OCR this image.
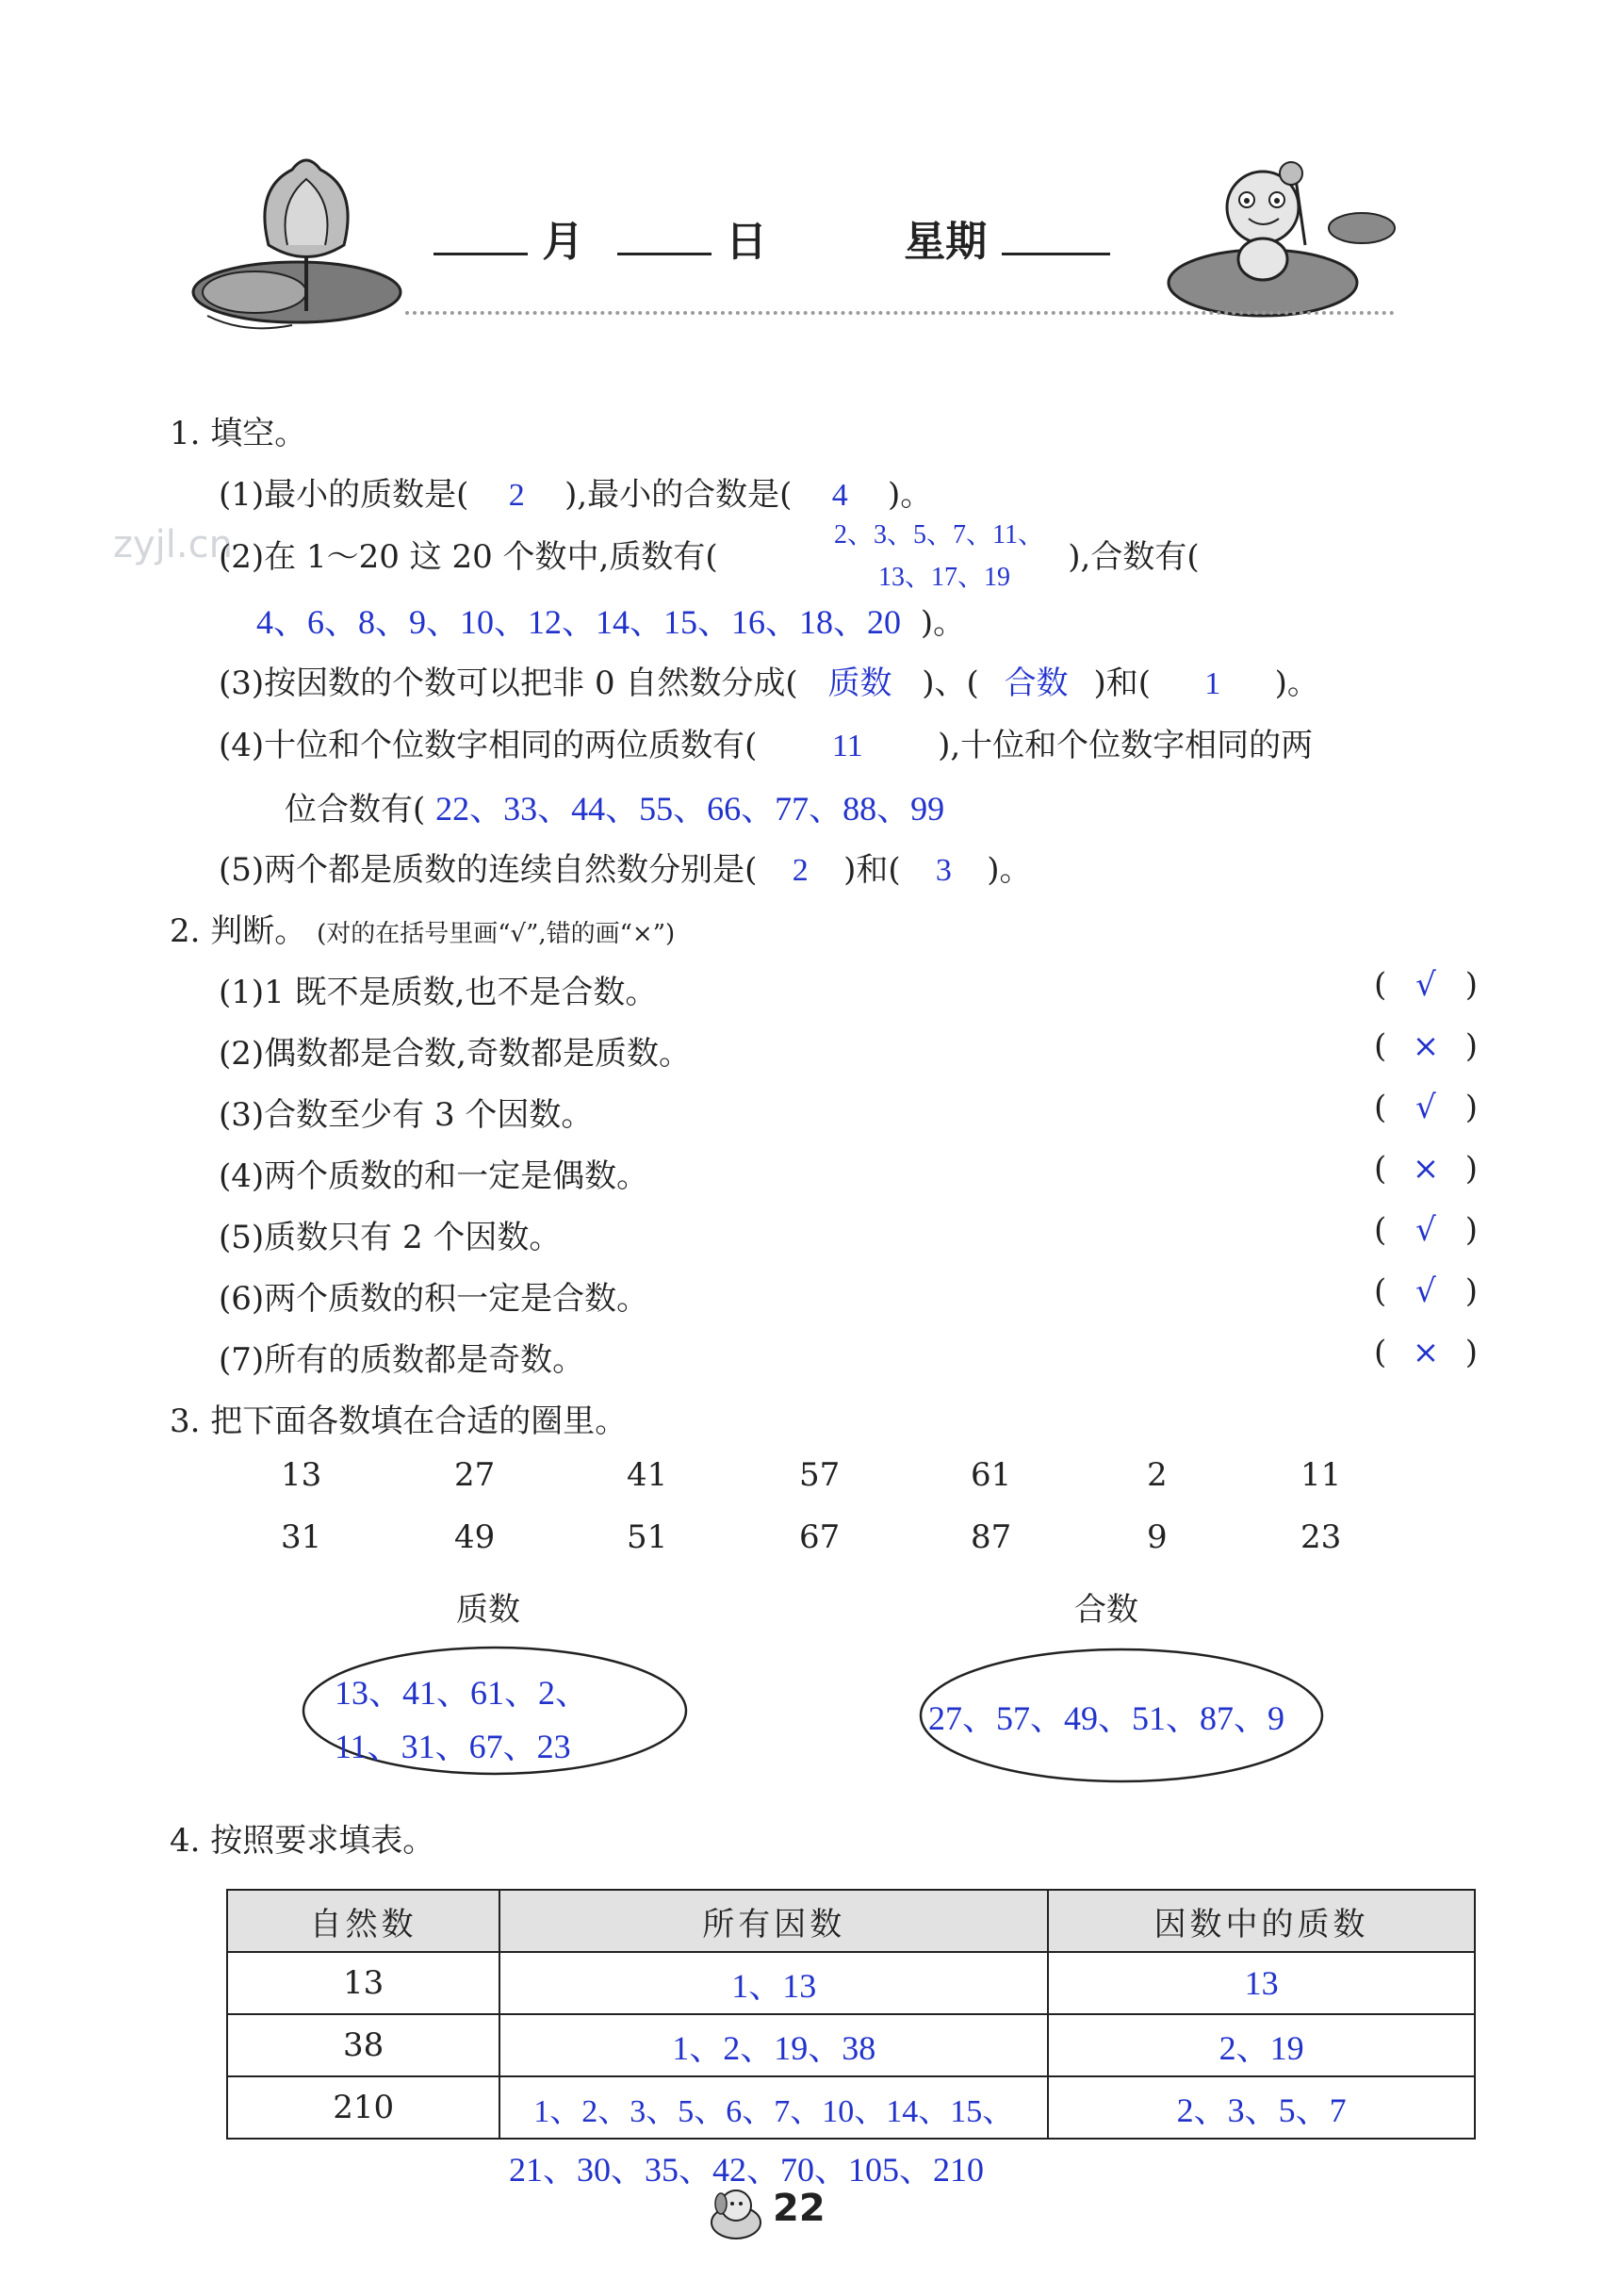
月	日	星期
zyjl.cn
1. 填空。
(1)最小的质数是( 2 ),最小的合数是( 4 )。
(2)在 1～20 这 20 个数中,质数有(	),合数有(
2、3、5、7、11、
13、17、19
4、6、8、9、10、12、14、15、16、18、20 )。
(3)按因数的个数可以把非 0 自然数分成( 质数 )、( 合数 )和( 1 )。
(4)十位和个位数字相同的两位质数有( 11 ),十位和个位数字相同的两
位合数有( 22、33、44、55、66、77、88、99
(5)两个都是质数的连续自然数分别是( 2 )和( 3 )。
2. 判断。 (对的在括号里画“√”,错的画“×”)
(1)1 既不是质数,也不是合数。	( √ )
(2)偶数都是合数,奇数都是质数。	( × )
(3)合数至少有 3 个因数。	( √ )
(4)两个质数的和一定是偶数。	( × )
(5)质数只有 2 个因数。	( √ )
(6)两个质数的积一定是合数。	( √ )
(7)所有的质数都是奇数。	( × )
3. 把下面各数填在合适的圈里。
13	27	41	57	61	2	11
31	49	51	67	87	9	23
质数	合数
13、41、61、2、
11、31、67、23
27、57、49、51、87、9
4. 按照要求填表。
自然数	所有因数	因数中的质数
13	1、13	13
38	1、2、19、38	2、19
210	1、2、3、5、6、7、10、14、15、	2、3、5、7
21、30、35、42、70、105、210
22
